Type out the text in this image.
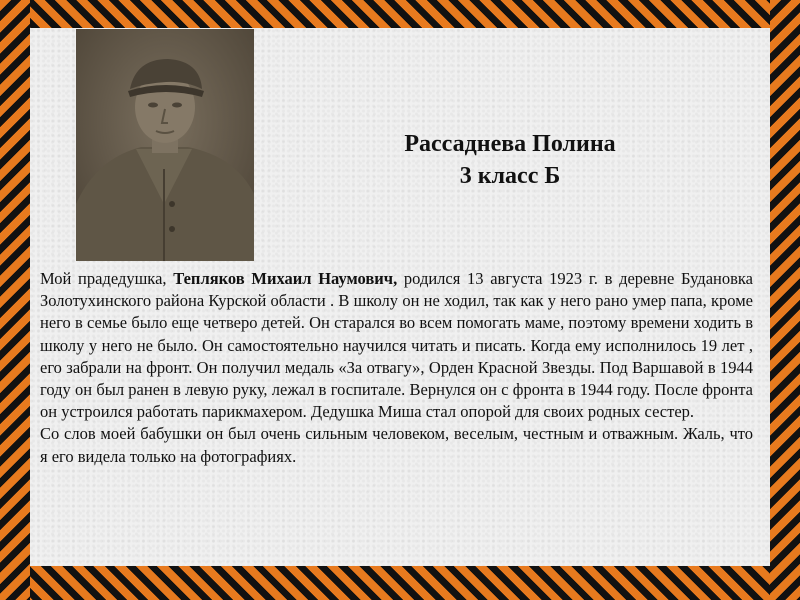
Рассаднева Полина
3 класс Б

Мой прадедушка, Тепляков Михаил Наумович, родился 13 августа 1923 г. в деревне Будановка Золотухинского района Курской области . В школу он не ходил, так как у него рано умер папа, кроме него в семье было еще четверо детей. Он старался во всем помогать маме, поэтому времени ходить в школу у него не было. Он самостоятельно научился читать и писать. Когда ему исполнилось 19 лет , его забрали на фронт. Он получил медаль «За отвагу», Орден Красной Звезды. Под Варшавой в 1944 году он был ранен в левую руку, лежал в госпитале. Вернулся он с фронта в 1944 году. После фронта он устроился работать парикмахером. Дедушка Миша стал опорой для своих родных сестер.

Со слов моей бабушки он был очень сильным человеком, веселым, честным и отважным. Жаль, что я его видела только на фотографиях.
